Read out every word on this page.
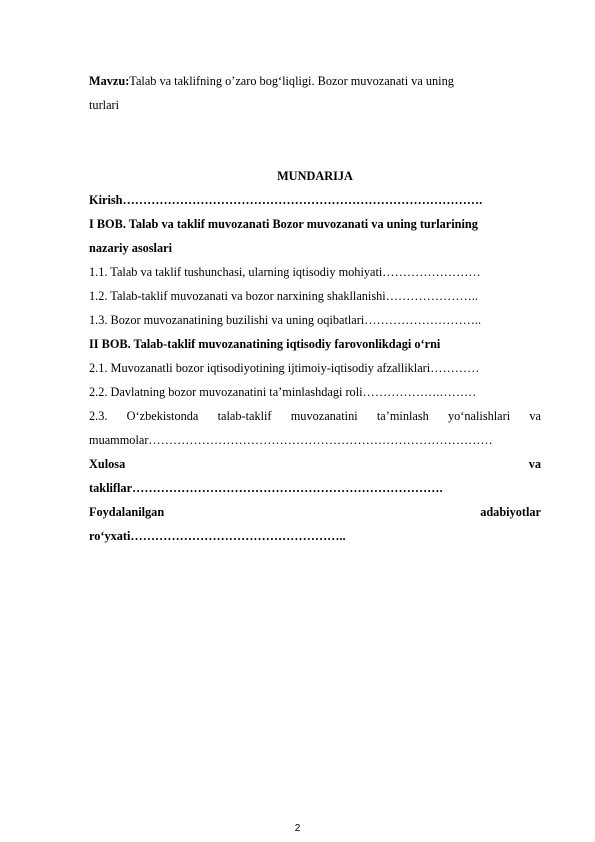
Mavzu:Talab va taklifning o’zaro bog‘liqligi. Bozor muvozanati va uning
turlari
MUNDARIJA
Kirish…………………………………………………………………………….
I BOB. Talab va taklif muvozanati Bozor muvozanati va uning turlarining
nazariy asoslari
1.1. Talab va taklif tushunchasi, ularning iqtisodiy mohiyati……………………
1.2. Talab-taklif muvozanati va bozor narxining shakllanishi…………………..
1.3. Bozor muvozanatining buzilishi va uning oqibatlari………………………..
II BOB. Talab-taklif muvozanatining iqtisodiy farovonlikdagi o‘rni
2.1. Muvozanatli bozor iqtisodiyotining ijtimoiy-iqtisodiy afzalliklari…………
2.2. Davlatning bozor muvozanatini ta’minlashdagi roli……………….………
2.3. O‘zbekistonda talab-taklif muvozanatini ta’minlash yo‘nalishlari va
muammolar…………………………………………………………………………
Xulosa	va
takliflar………………………………………………………………….
Foydalanilgan	adabiyotlar
ro‘yxati……………………………………………..
2
